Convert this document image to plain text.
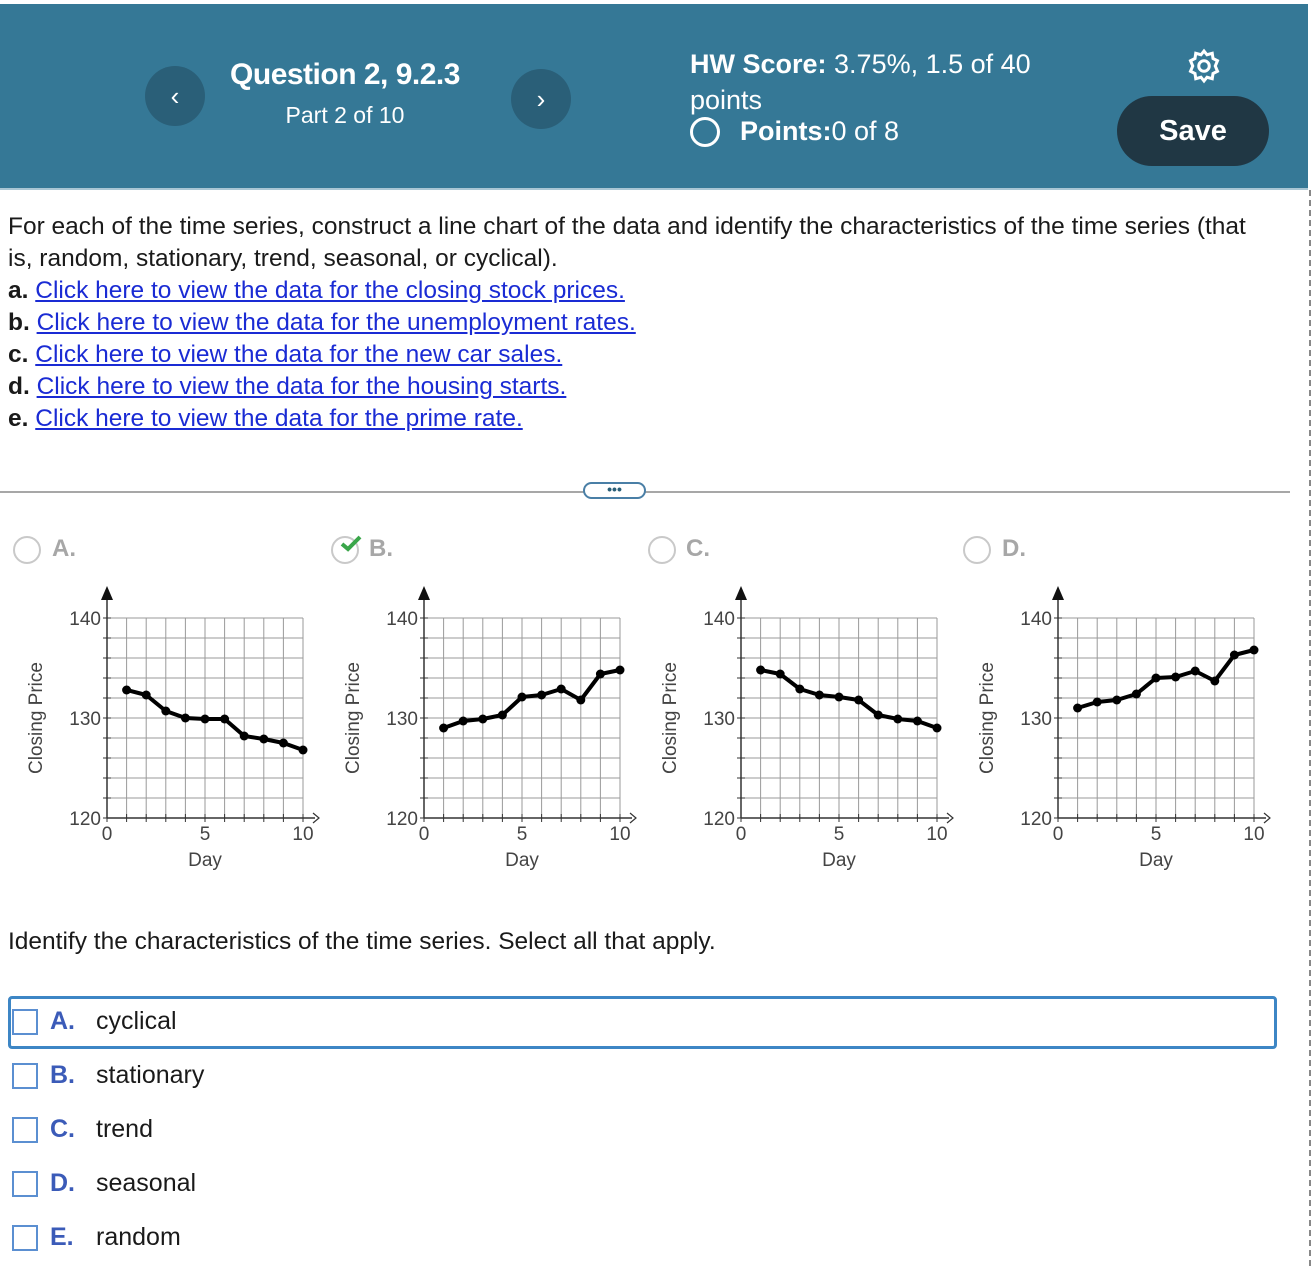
‹
Question 2, 9.2.3
Part 2 of 10
›
HW Score: 3.75%, 1.5 of 40 points
Points: 0 of 8	Save
For each of the time series, construct a line chart of the data and identify the characteristics of the time series (that is, random, stationary, trend, seasonal, or cyclical).
a. Click here to view the data for the closing stock prices.
b. Click here to view the data for the unemployment rates.
c. Click here to view the data for the new car sales.
d. Click here to view the data for the housing starts.
e. Click here to view the data for the prime rate.
•••
A.	B.	C.	D.
120
130
140
0	5	10
Day
Closing Price
120
130
140
0	5	10
Day
Closing Price
120
130
140
0	5	10
Day
Closing Price
120
130
140
0	5	10
Day
Closing Price
Identify the characteristics of the time series. Select all that apply.
A. cyclical
B. stationary
C. trend
D. seasonal
E. random
